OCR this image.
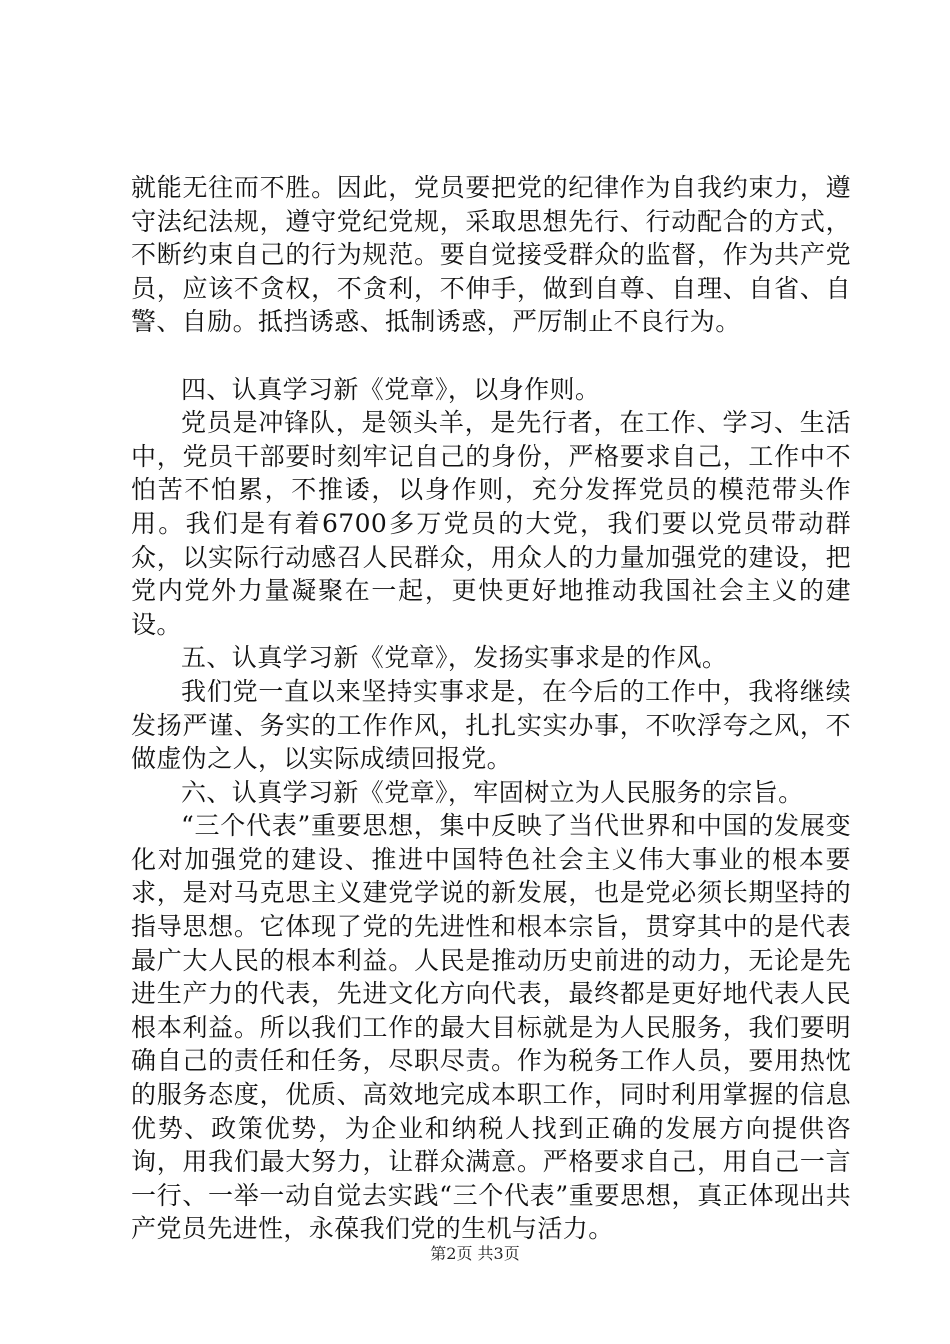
就能无往而不胜。因此，党员要把党的纪律作为自我约束力，遵守法纪法规，遵守党纪党规，采取思想先行、行动配合的方式，不断约束自己的行为规范。要自觉接受群众的监督，作为共产党员，应该不贪权，不贪利，不伸手，做到自尊、自理、自省、自警、自励。抵挡诱惑、抵制诱惑，严厉制止不良行为。

四、认真学习新《党章》，以身作则。

党员是冲锋队，是领头羊，是先行者，在工作、学习、生活中，党员干部要时刻牢记自己的身份，严格要求自己，工作中不怕苦不怕累，不推诿，以身作则，充分发挥党员的模范带头作用。我们是有着6700多万党员的大党，我们要以党员带动群众，以实际行动感召人民群众，用众人的力量加强党的建设，把党内党外力量凝聚在一起，更快更好地推动我国社会主义的建设。

五、认真学习新《党章》，发扬实事求是的作风。

我们党一直以来坚持实事求是，在今后的工作中，我将继续发扬严谨、务实的工作作风，扎扎实实办事，不吹浮夸之风，不做虚伪之人，以实际成绩回报党。

六、认真学习新《党章》，牢固树立为人民服务的宗旨。

“三个代表”重要思想，集中反映了当代世界和中国的发展变化对加强党的建设、推进中国特色社会主义伟大事业的根本要求，是对马克思主义建党学说的新发展，也是党必须长期坚持的指导思想。它体现了党的先进性和根本宗旨，贯穿其中的是代表最广大人民的根本利益。人民是推动历史前进的动力，无论是先进生产力的代表，先进文化方向代表，最终都是更好地代表人民根本利益。所以我们工作的最大目标就是为人民服务，我们要明确自己的责任和任务，尽职尽责。作为税务工作人员，要用热忱的服务态度，优质、高效地完成本职工作，同时利用掌握的信息优势、政策优势，为企业和纳税人找到正确的发展方向提供咨询，用我们最大努力，让群众满意。严格要求自己，用自己一言一行、一举一动自觉去实践“三个代表”重要思想，真正体现出共产党员先进性，永葆我们党的生机与活力。

第2页 共3页
